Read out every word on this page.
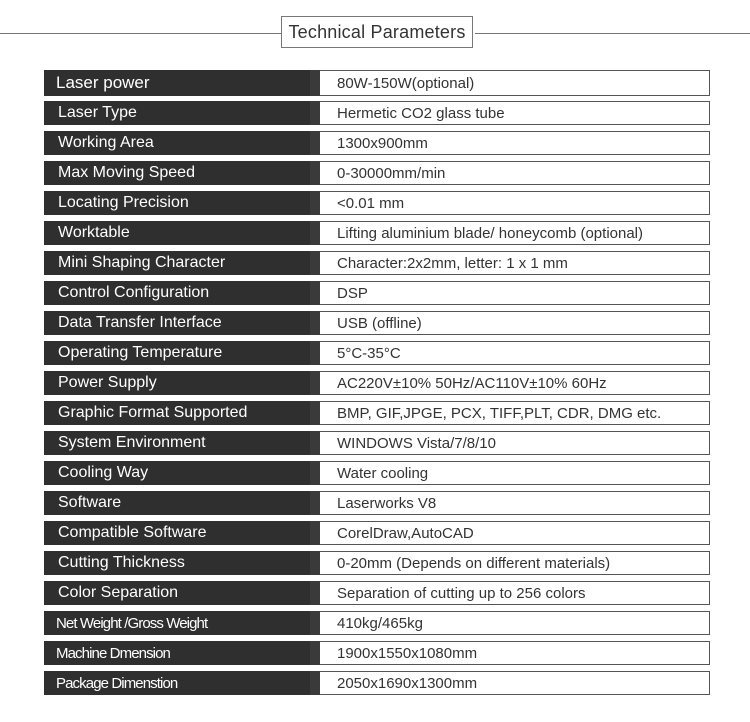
Technical Parameters
Laser power	80W-150W(optional)
Laser Type	Hermetic CO2 glass tube
Working Area	1300x900mm
Max Moving Speed	0-30000mm/min
Locating Precision	<0.01 mm
Worktable	Lifting aluminium blade/ honeycomb (optional)
Mini Shaping Character	Character:2x2mm, letter: 1 x 1 mm
Control Configuration	DSP
Data Transfer Interface	USB (offline)
Operating Temperature	5°C-35°C
Power Supply	AC220V±10% 50Hz/AC110V±10% 60Hz
Graphic Format Supported	BMP, GIF,JPGE, PCX, TIFF,PLT, CDR, DMG etc.
System Environment	WINDOWS Vista/7/8/10
Cooling Way	Water cooling
Software	Laserworks V8
Compatible Software	CorelDraw,AutoCAD
Cutting Thickness	0-20mm (Depends on different materials)
Color Separation	Separation of cutting up to 256 colors
Net Weight /Gross Weight	410kg/465kg
Machine Dmension	1900x1550x1080mm
Package Dimenstion	2050x1690x1300mm
